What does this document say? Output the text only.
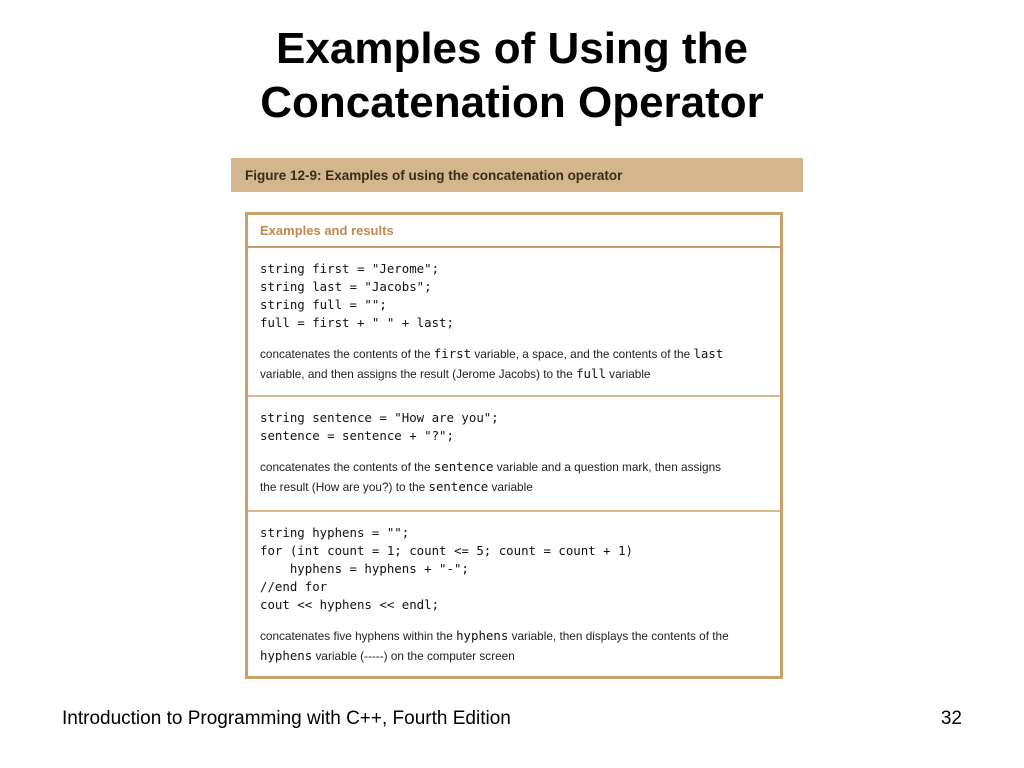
Examples of Using the
Concatenation Operator
Figure 12-9: Examples of using the concatenation operator
Examples and results
string first = "Jerome";
string last = "Jacobs";
string full = "";
full = first + " " + last;
concatenates the contents of the first variable, a space, and the contents of the last
variable, and then assigns the result (Jerome Jacobs) to the full variable
string sentence = "How are you";
sentence = sentence + "?";
concatenates the contents of the sentence variable and a question mark, then assigns
the result (How are you?) to the sentence variable
string hyphens = "";
for (int count = 1; count <= 5; count = count + 1)
hyphens = hyphens + "-";
//end for
cout << hyphens << endl;
concatenates five hyphens within the hyphens variable, then displays the contents of the
hyphens variable (-----) on the computer screen
Introduction to Programming with C++, Fourth Edition	32
